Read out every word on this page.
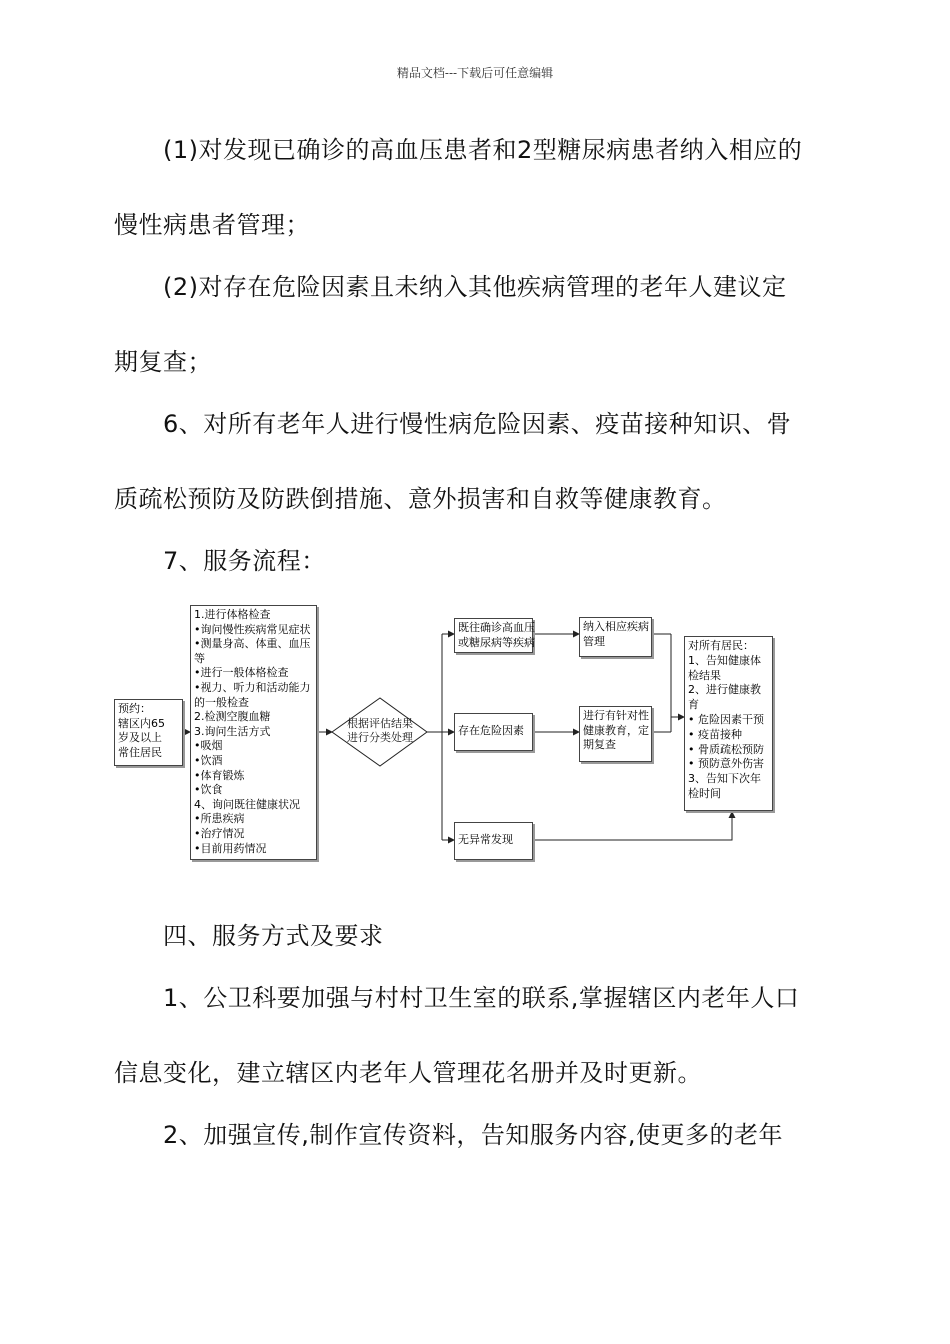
精品文档---下载后可任意编辑
(1)对发现已确诊的高血压患者和2型糖尿病患者纳入相应的
慢性病患者管理；
(2)对存在危险因素且未纳入其他疾病管理的老年人建议定
期复查；
6、对所有老年人进行慢性病危险因素、疫苗接种知识、骨
质疏松预防及防跌倒措施、意外损害和自救等健康教育。
7、服务流程：
预约：
辖区内65
岁及以上
常住居民
1.进行体格检查
•询问慢性疾病常见症状
•测量身高、体重、血压
等
•进行一般体格检查
•视力、听力和活动能力
的一般检查
2.检测空腹血糖
3.询问生活方式
•吸烟
•饮酒
•体育锻炼
•饮食
4、询问既往健康状况
•所患疾病
•治疗情况
•目前用药情况
根据评估结果
进行分类处理
既往确诊高血压
或糖尿病等疾病
存在危险因素
无异常发现
纳入相应疾病
管理
进行有针对性
健康教育，定
期复查
对所有居民：
1、告知健康体
检结果
2、进行健康教
育
• 危险因素干预
• 疫苗接种
• 骨质疏松预防
• 预防意外伤害
3、告知下次年
检时间
四、服务方式及要求
1、公卫科要加强与村村卫生室的联系,掌握辖区内老年人口
信息变化，建立辖区内老年人管理花名册并及时更新。
2、加强宣传,制作宣传资料，告知服务内容,使更多的老年
